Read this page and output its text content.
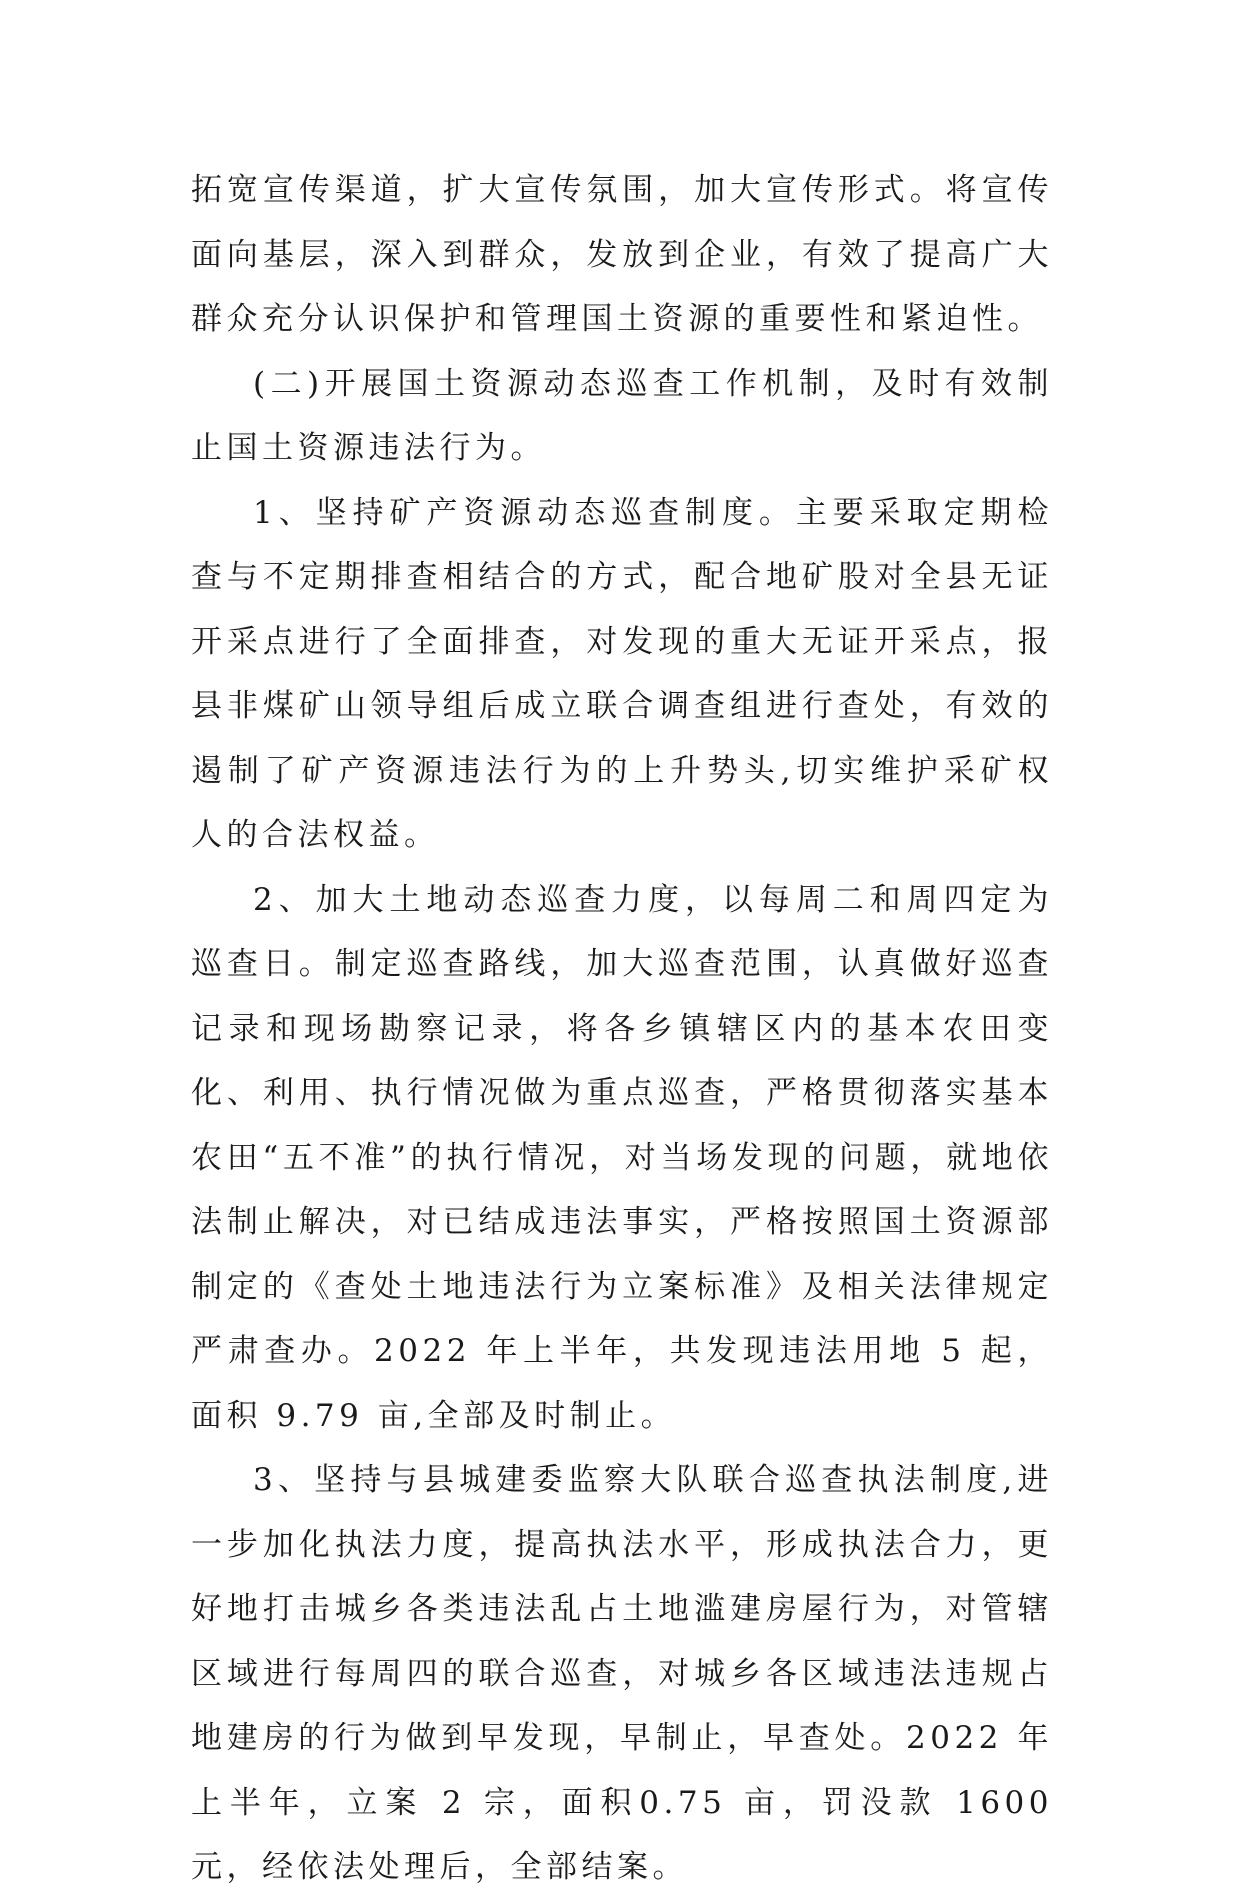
拓宽宣传渠道，扩大宣传氛围，加大宣传形式。将宣传面向基层，深入到群众，发放到企业，有效了提高广大群众充分认识保护和管理国土资源的重要性和紧迫性。

(二)开展国土资源动态巡查工作机制，及时有效制止国土资源违法行为。

1、坚持矿产资源动态巡查制度。主要采取定期检查与不定期排查相结合的方式，配合地矿股对全县无证开采点进行了全面排查，对发现的重大无证开采点，报县非煤矿山领导组后成立联合调查组进行查处，有效的遏制了矿产资源违法行为的上升势头,切实维护采矿权人的合法权益。

2、加大土地动态巡查力度，以每周二和周四定为巡查日。制定巡查路线，加大巡查范围，认真做好巡查记录和现场勘察记录，将各乡镇辖区内的基本农田变化、利用、执行情况做为重点巡查，严格贯彻落实基本农田“五不准”的执行情况，对当场发现的问题，就地依法制止解决，对已结成违法事实，严格按照国土资源部制定的《查处土地违法行为立案标准》及相关法律规定严肃查办。2022 年上半年，共发现违法用地 5 起，面积 9.79 亩,全部及时制止。

3、坚持与县城建委监察大队联合巡查执法制度,进一步加化执法力度，提高执法水平，形成执法合力，更好地打击城乡各类违法乱占土地滥建房屋行为，对管辖区域进行每周四的联合巡查，对城乡各区域违法违规占地建房的行为做到早发现，早制止，早查处。2022 年上半年，立案 2 宗，面积0.75 亩，罚没款 1600 元，经依法处理后，全部结案。
